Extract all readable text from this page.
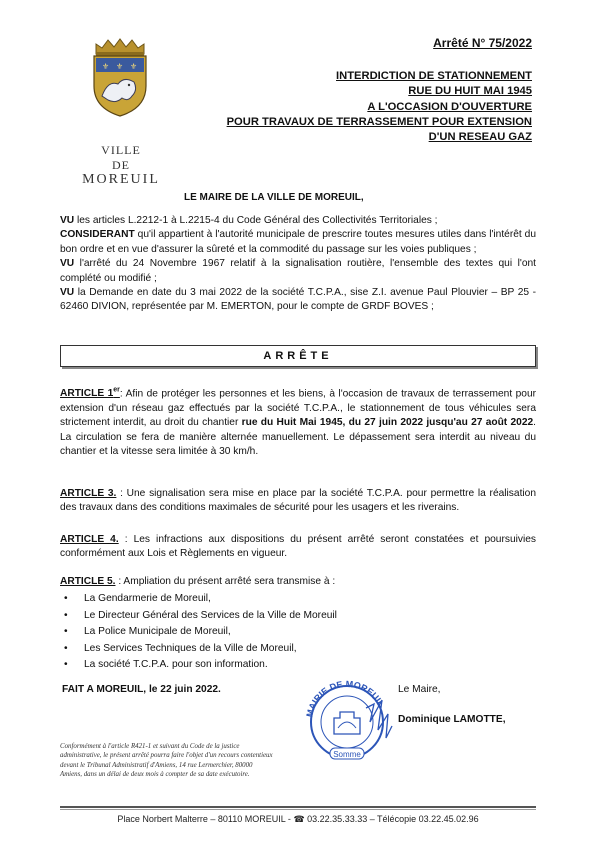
⚜ ⚜ ⚜
VILLE
DE
MOREUIL
Arrêté N° 75/2022
INTERDICTION DE STATIONNEMENT
RUE DU HUIT MAI 1945
A L'OCCASION D'OUVERTURE
POUR TRAVAUX DE TERRASSEMENT POUR EXTENSION
D'UN RESEAU GAZ
LE MAIRE DE LA VILLE DE MOREUIL,
VU les articles L.2212-1 à L.2215-4 du Code Général des Collectivités Territoriales ;
CONSIDERANT qu'il appartient à l'autorité municipale de prescrire toutes mesures utiles dans l'intérêt du bon ordre et en vue d'assurer la sûreté et la commodité du passage sur les voies publiques ;
VU l'arrêté du 24 Novembre 1967 relatif à la signalisation routière, l'ensemble des textes qui l'ont complété ou modifié ;
VU la Demande en date du 3 mai 2022 de la société T.C.P.A., sise Z.I. avenue Paul Plouvier – BP 25 - 62460 DIVION, représentée par M. EMERTON, pour le compte de GRDF BOVES ;
ARRÊTE
ARTICLE 1er: Afin de protéger les personnes et les biens, à l'occasion de travaux de terrassement pour extension d'un réseau gaz effectués par la société T.C.P.A., le stationnement de tous véhicules sera strictement interdit, au droit du chantier rue du Huit Mai 1945, du 27 juin 2022 jusqu'au 27 août 2022. La circulation se fera de manière alternée manuellement. Le dépassement sera interdit au niveau du chantier et la vitesse sera limitée à 30 km/h.
ARTICLE 3. : Une signalisation sera mise en place par la société T.C.P.A. pour permettre la réalisation des travaux dans des conditions maximales de sécurité pour les usagers et les riverains.
ARTICLE 4. : Les infractions aux dispositions du présent arrêté seront constatées et poursuivies conformément aux Lois et Règlements en vigueur.
ARTICLE 5. : Ampliation du présent arrêté sera transmise à :
• La Gendarmerie de Moreuil,
• Le Directeur Général des Services de la Ville de Moreuil
• La Police Municipale de Moreuil,
• Les Services Techniques de la Ville de Moreuil,
• La société T.C.P.A. pour son information.
FAIT A MOREUIL, le 22 juin 2022.	Le Maire,
MAIRIE DE MOREUIL
Somme
Dominique LAMOTTE,
Conformément à l'article R421-1 et suivant du Code de la justice administrative, le présent arrêté pourra faire l'objet d'un recours contentieux devant le Tribunal Administratif d'Amiens, 14 rue Lermerchier, 80000 Amiens, dans un délai de deux mois à compter de sa date exécutoire.
Place Norbert Malterre – 80110 MOREUIL - ☎ 03.22.35.33.33 – Télécopie 03.22.45.02.96
